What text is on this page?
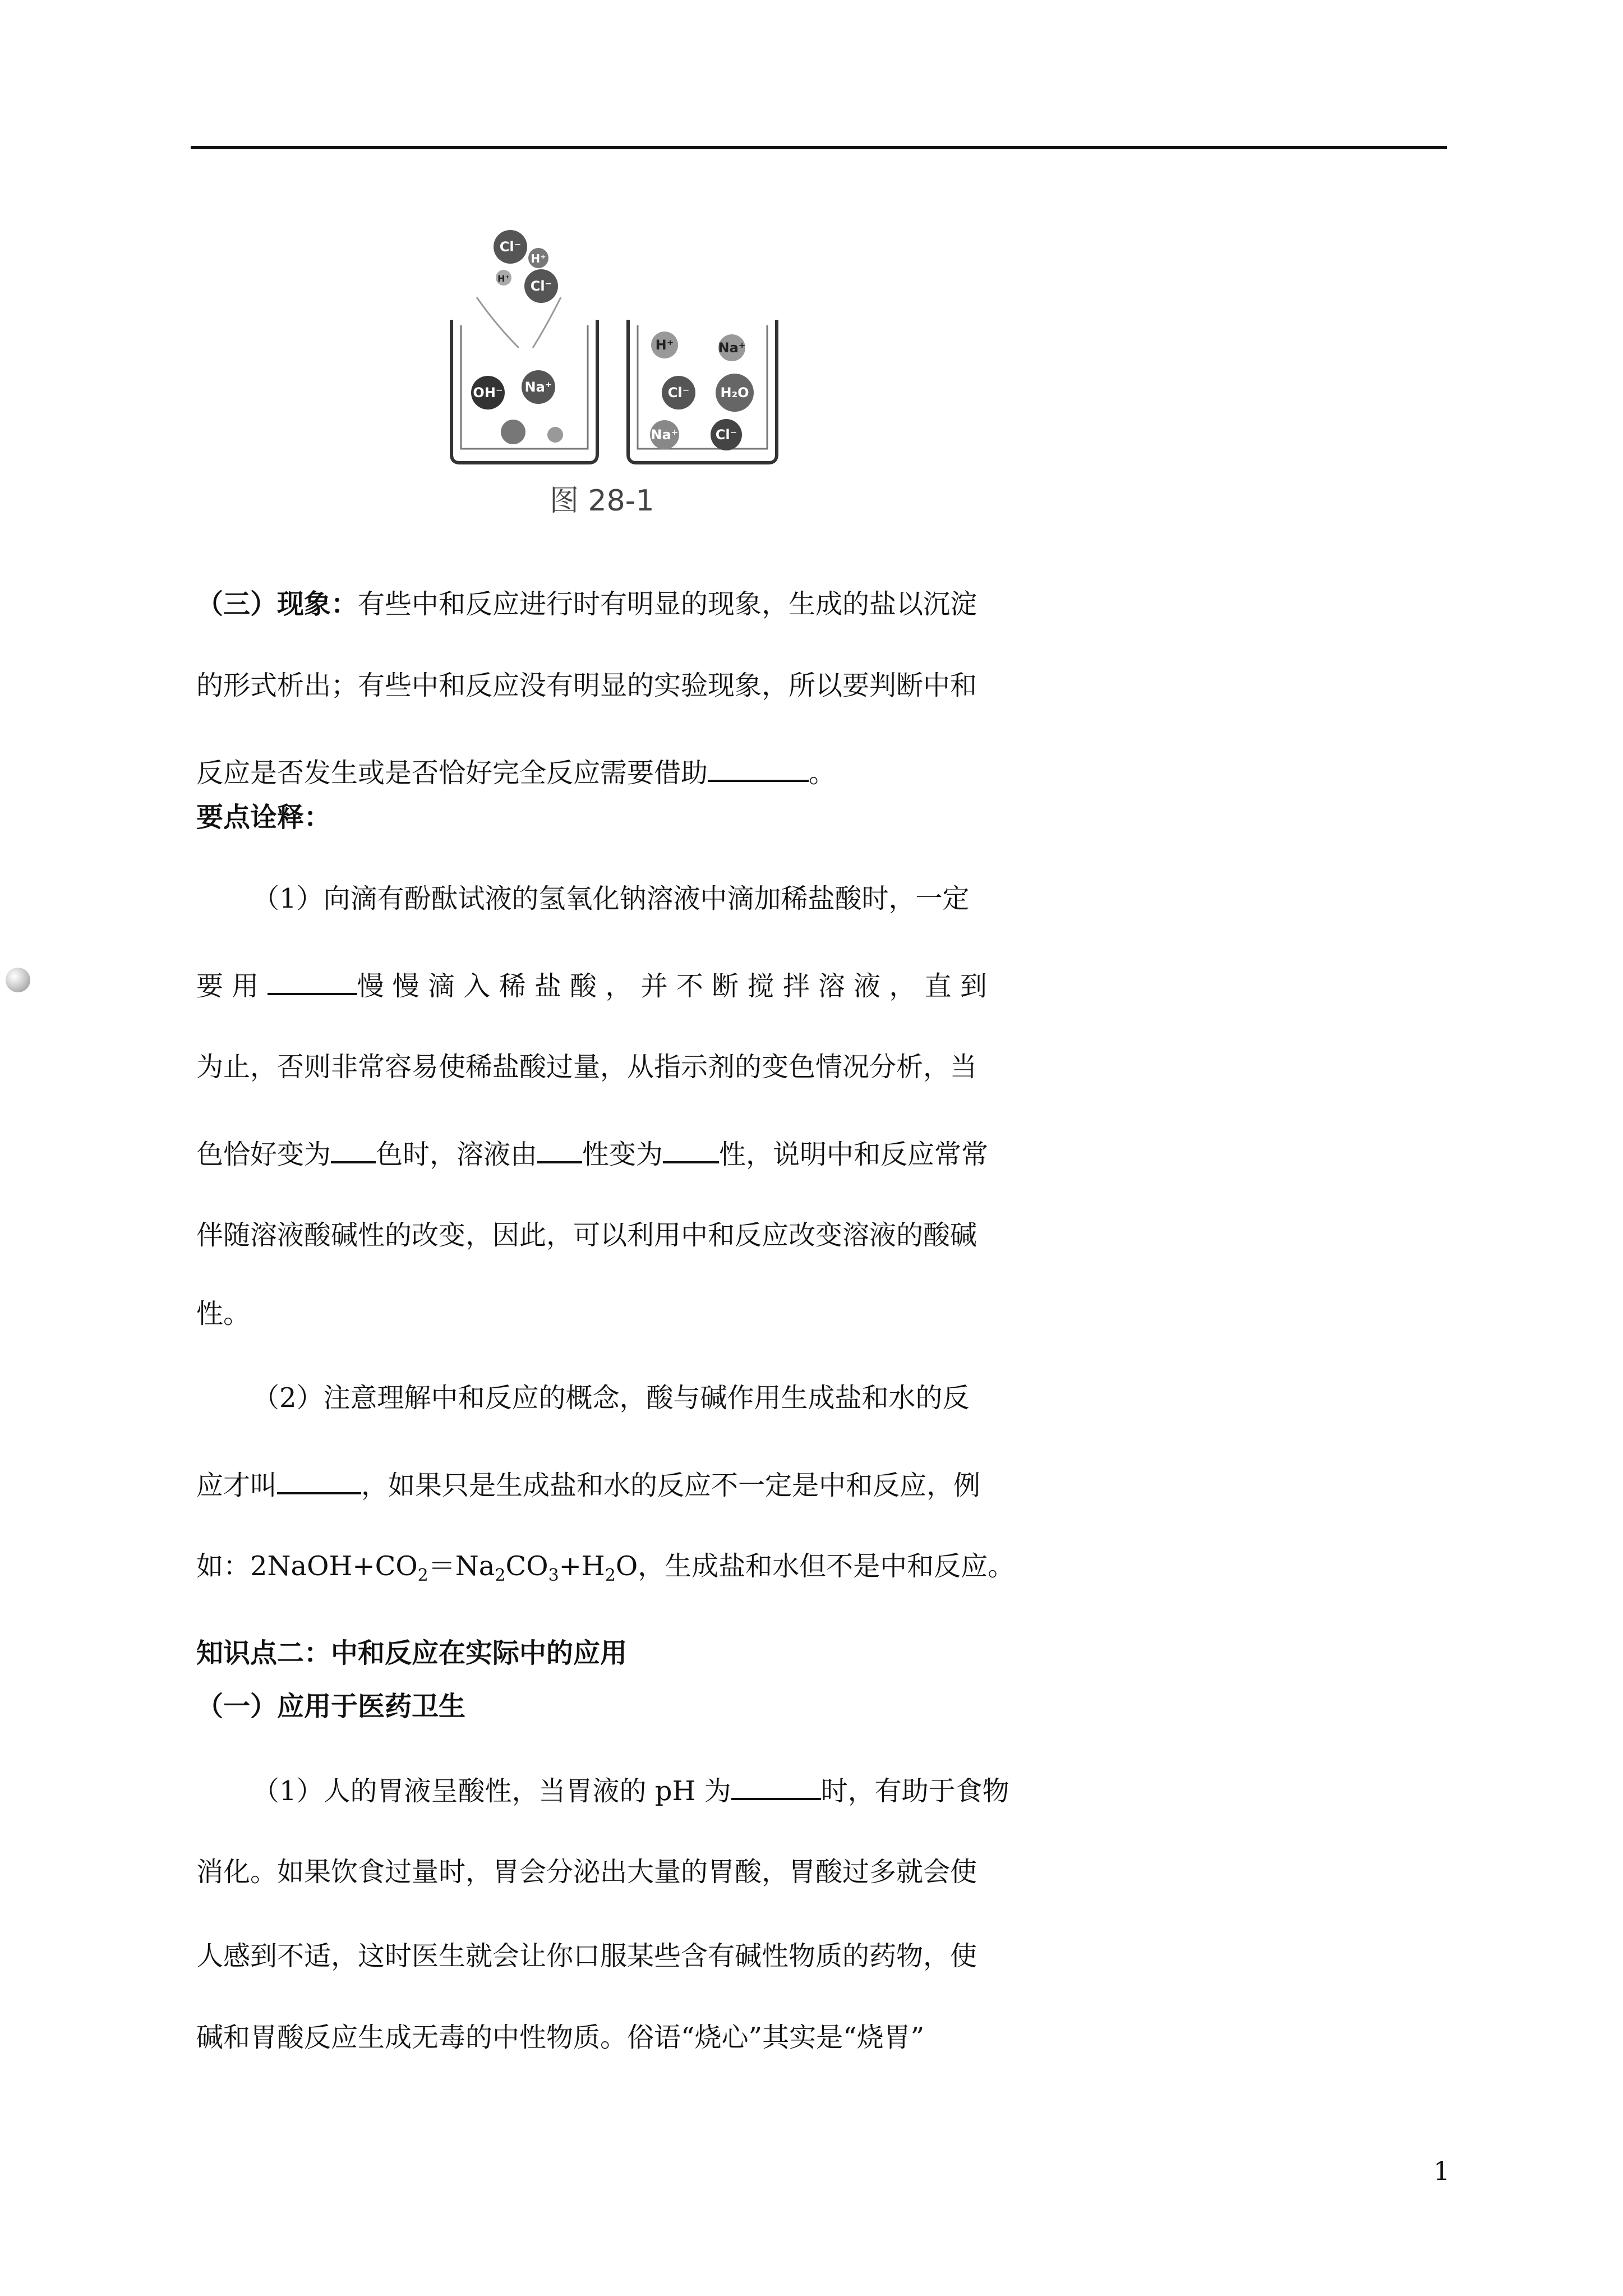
Cl⁻
H⁺
H⁺ Cl⁻
OH⁻ Na⁺
H⁺	Na⁺
Cl⁻ H₂O
Na⁺	Cl⁻
图 28-1
（三）现象：有些中和反应进行时有明显的现象，生成的盐以沉淀
的形式析出；有些中和反应没有明显的实验现象，所以要判断中和
反应是否发生或是否恰好完全反应需要借助	。
要点诠释：
（1）向滴有酚酞试液的氢氧化钠溶液中滴加稀盐酸时，一定
要 用	慢 慢 滴 入 稀 盐 酸 ， 并 不 断 搅 拌 溶 液 ， 直 到
为止，否则非常容易使稀盐酸过量，从指示剂的变色情况分析，当
色恰好变为 色时，溶液由 性变为 性，说明中和反应常常
伴随溶液酸碱性的改变，因此，可以利用中和反应改变溶液的酸碱
性。
（2）注意理解中和反应的概念，酸与碱作用生成盐和水的反
应才叫	，如果只是生成盐和水的反应不一定是中和反应，例
如：$2NaOH+CO_2=Na_2CO_3+H_2O$，生成盐和水但不是中和反应。
知识点二：中和反应在实际中的应用
（一）应用于医药卫生
（1）人的胃液呈酸性，当胃液的 pH 为	时，有助于食物
消化。如果饮食过量时，胃会分泌出大量的胃酸，胃酸过多就会使
人感到不适，这时医生就会让你口服某些含有碱性物质的药物，使
碱和胃酸反应生成无毒的中性物质。俗语“烧心”其实是“烧胃”
1
